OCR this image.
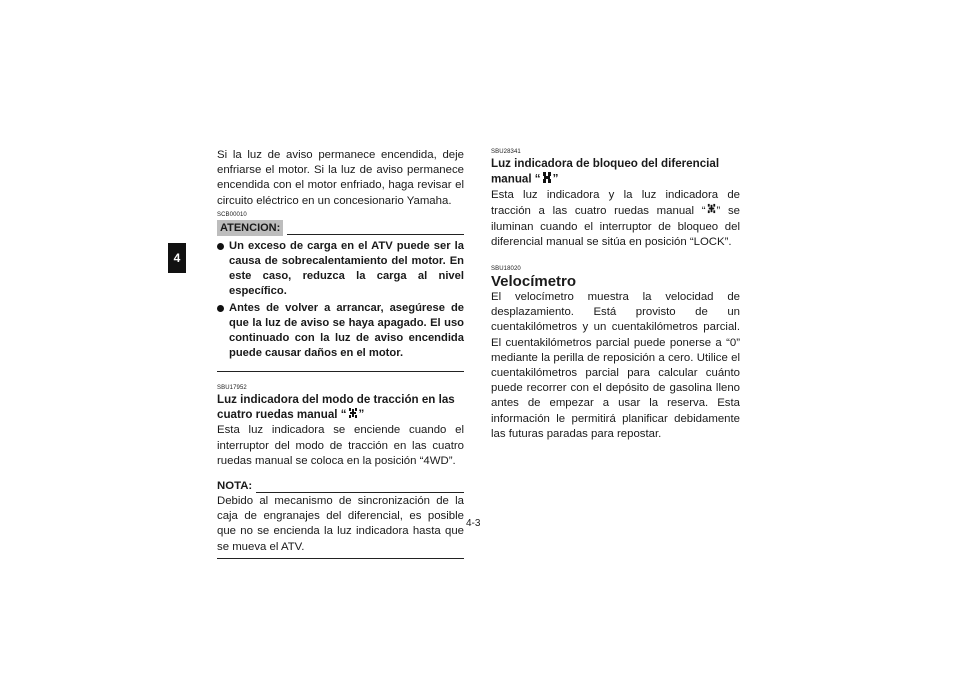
4

Si la luz de aviso permanece encendida, deje enfriarse el motor. Si la luz de aviso permanece encendida con el motor enfriado, haga revisar el circuito eléctrico en un concesionario Yamaha.

SCB00010
ATENCION:
Un exceso de carga en el ATV puede ser la causa de sobrecalentamiento del motor. En este caso, reduzca la carga al nivel específico.
Antes de volver a arrancar, asegúrese de que la luz de aviso se haya apagado. El uso continuado con la luz de aviso encendida puede causar daños en el motor.
SBU17952
Luz indicadora del modo de tracción en las
cuatro ruedas manual “ ”

Esta luz indicadora se enciende cuando el interruptor del modo de tracción en las cuatro ruedas manual se coloca en la posición “4WD”.

NOTA:

Debido al mecanismo de sincronización de la caja de engranajes del diferencial, es posible que no se encienda la luz indicadora hasta que se mueva el ATV.

SBU28341
Luz indicadora de bloqueo del diferencial manual “ ”

Esta luz indicadora y la luz indicadora de tracción a las cuatro ruedas manual “ ” se iluminan cuando el interruptor de bloqueo del diferencial manual se sitúa en posición “LOCK”.

SBU18020
Velocímetro

El velocímetro muestra la velocidad de desplazamiento. Está provisto de un cuentakilómetros y un cuentakilómetros parcial. El cuentakilómetros parcial puede ponerse a “0” mediante la perilla de reposición a cero. Utilice el cuentakilómetros parcial para calcular cuánto puede recorrer con el depósito de gasolina lleno antes de empezar a usar la reserva. Esta información le permitirá planificar debidamente las futuras paradas para repostar.

4-3
